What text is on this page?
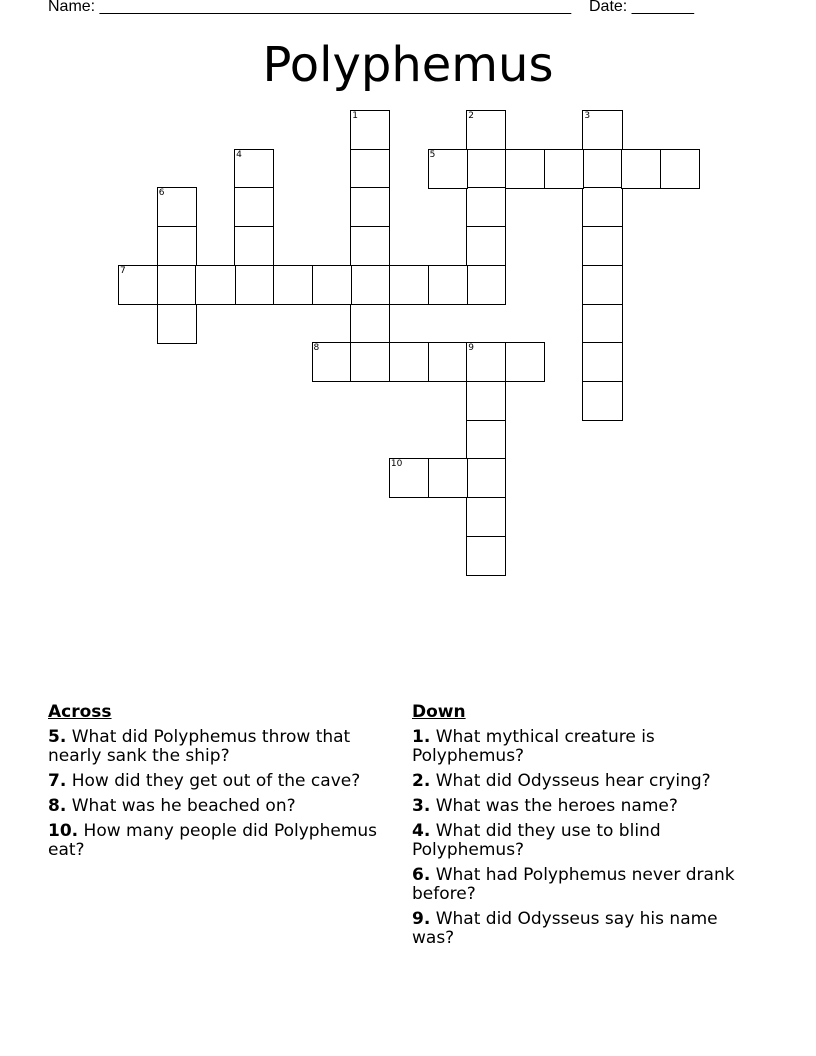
Name: _____________________________________________________ Date: _______
Polyphemus
1	2	3
4	5
6
7
8	9
10
Across
5. What did Polyphemus throw that nearly sank the ship?
7. How did they get out of the cave?
8. What was he beached on?
10. How many people did Polyphemus eat?
Down
1. What mythical creature is Polyphemus?
2. What did Odysseus hear crying?
3. What was the heroes name?
4. What did they use to blind Polyphemus?
6. What had Polyphemus never drank before?
9. What did Odysseus say his name was?
